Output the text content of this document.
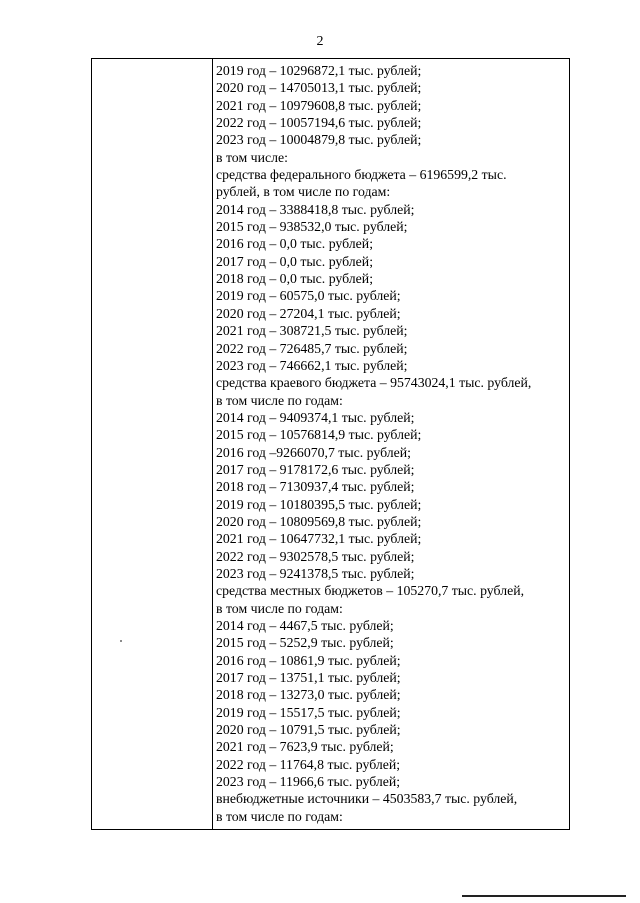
2
2019 год – 10296872,1 тыс. рублей;
2020 год – 14705013,1 тыс. рублей;
2021 год – 10979608,8 тыс. рублей;
2022 год – 10057194,6 тыс. рублей;
2023 год – 10004879,8 тыс. рублей;
в том числе:
средства федерального бюджета – 6196599,2 тыс.
рублей, в том числе по годам:
2014 год – 3388418,8 тыс. рублей;
2015 год – 938532,0 тыс. рублей;
2016 год – 0,0 тыс. рублей;
2017 год – 0,0 тыс. рублей;
2018 год – 0,0 тыс. рублей;
2019 год – 60575,0 тыс. рублей;
2020 год – 27204,1 тыс. рублей;
2021 год – 308721,5 тыс. рублей;
2022 год – 726485,7 тыс. рублей;
2023 год – 746662,1 тыс. рублей;
средства краевого бюджета – 95743024,1 тыс. рублей,
в том числе по годам:
2014 год – 9409374,1 тыс. рублей;
2015 год – 10576814,9 тыс. рублей;
2016 год –9266070,7 тыс. рублей;
2017 год – 9178172,6 тыс. рублей;
2018 год – 7130937,4 тыс. рублей;
2019 год – 10180395,5 тыс. рублей;
2020 год – 10809569,8 тыс. рублей;
2021 год – 10647732,1 тыс. рублей;
2022 год – 9302578,5 тыс. рублей;
2023 год – 9241378,5 тыс. рублей;
средства местных бюджетов – 105270,7 тыс. рублей,
в том числе по годам:
2014 год – 4467,5 тыс. рублей;
2015 год – 5252,9 тыс. рублей;
2016 год – 10861,9 тыс. рублей;
2017 год – 13751,1 тыс. рублей;
2018 год – 13273,0 тыс. рублей;
2019 год – 15517,5 тыс. рублей;
2020 год – 10791,5 тыс. рублей;
2021 год – 7623,9 тыс. рублей;
2022 год – 11764,8 тыс. рублей;
2023 год – 11966,6 тыс. рублей;
внебюджетные источники – 4503583,7 тыс. рублей,
в том числе по годам:
